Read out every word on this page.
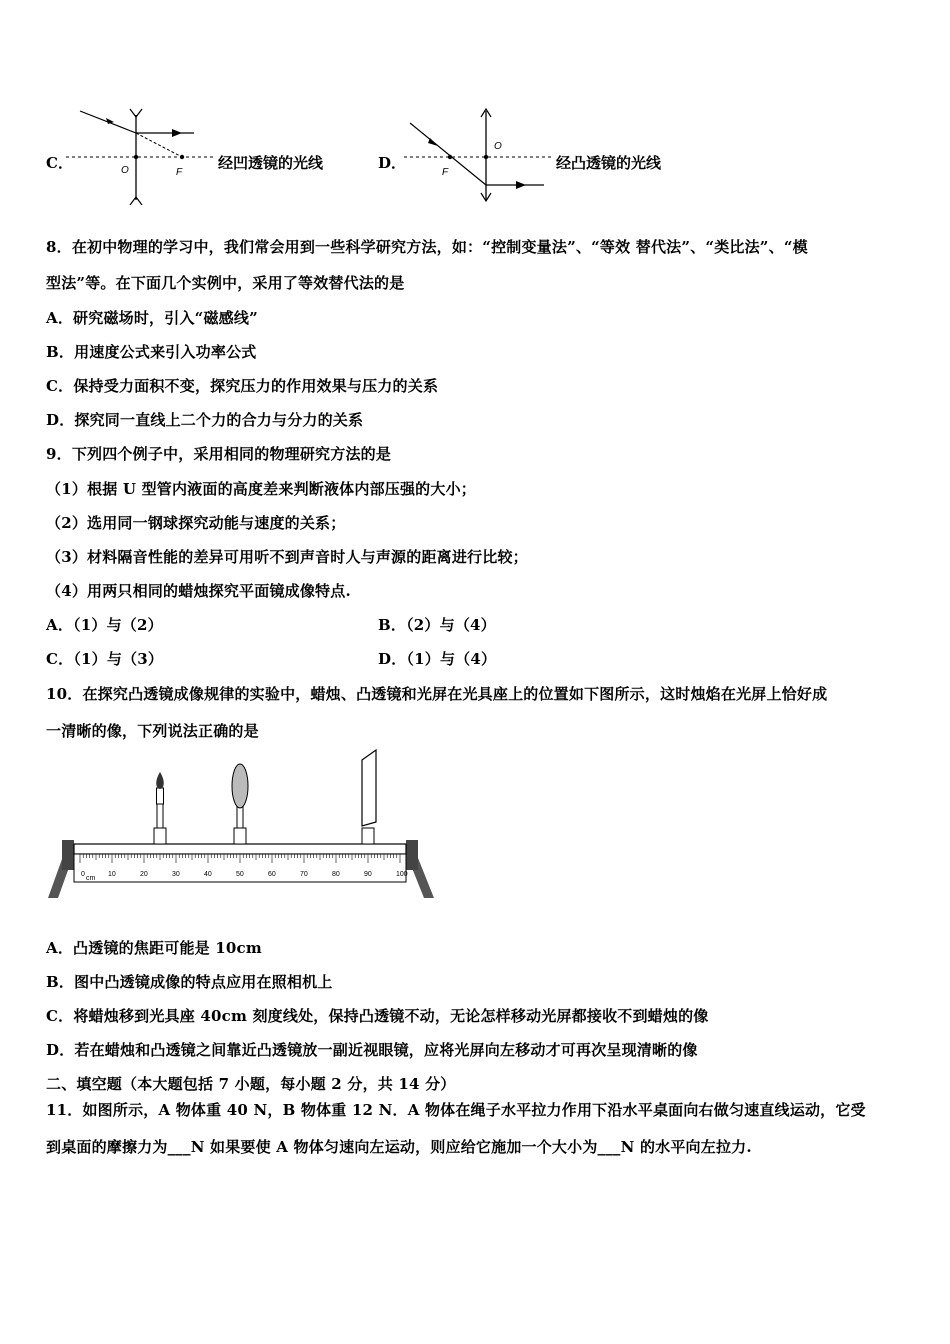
C．	O	F
经凹透镜的光线	D．
O
F
经凸透镜的光线
8．在初中物理的学习中，我们常会用到一些科学研究方法，如：“控制变量法”、“等效 替代法”、“类比法”、“模
型法”等。在下面几个实例中，采用了等效替代法的是
A．研究磁场时，引入“磁感线”
B．用速度公式来引入功率公式
C．保持受力面积不变，探究压力的作用效果与压力的关系
D．探究同一直线上二个力的合力与分力的关系
9．下列四个例子中，采用相同的物理研究方法的是
（1）根据 U 型管内液面的高度差来判断液体内部压强的大小；
（2）选用同一钢球探究动能与速度的关系；
（3）材料隔音性能的差异可用听不到声音时人与声源的距离进行比较；
（4）用两只相同的蜡烛探究平面镜成像特点.
A．（1）与（2）	B．（2）与（4）
C．（1）与（3）	D．（1）与（4）
10．在探究凸透镜成像规律的实验中，蜡烛、凸透镜和光屏在光具座上的位置如下图所示，这时烛焰在光屏上恰好成
一清晰的像，下列说法正确的是
0	10	20	30	40	50	60	70	80	90	100
cm
A．凸透镜的焦距可能是 10cm
B．图中凸透镜成像的特点应用在照相机上
C．将蜡烛移到光具座 40cm 刻度线处，保持凸透镜不动，无论怎样移动光屏都接收不到蜡烛的像
D．若在蜡烛和凸透镜之间靠近凸透镜放一副近视眼镜，应将光屏向左移动才可再次呈现清晰的像
二、填空题（本大题包括 7 小题，每小题 2 分，共 14 分）
11．如图所示，A 物体重 40 N，B 物体重 12 N．A 物体在绳子水平拉力作用下沿水平桌面向右做匀速直线运动，它受
到桌面的摩擦力为___N 如果要使 A 物体匀速向左运动，则应给它施加一个大小为___N 的水平向左拉力.
